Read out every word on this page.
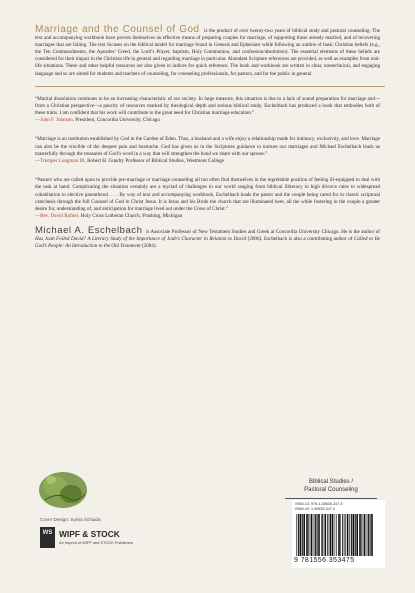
Marriage and the Counsel of God is the product of over twenty-two years of biblical study and pastoral counseling. The text and accompanying workbook have proven themselves an effective means of preparing couples for marriage, of supporting those already married, and of recovering marriages that are failing. The text focuses on the biblical model for marriage found in Genesis and Ephesians while following an outline of basic Christian beliefs (e.g., the Ten Commandments, the Apostles’ Creed, the Lord’s Prayer, baptism, Holy Communion, and confession/absolution). The essential elements of these beliefs are considered for their impact in the Christian life in general and regarding marriage in particular. Abundant Scripture references are provided, as well as examples from real-life situations. These and other helpful resources are also given in indices for quick reference. The book and workbook are written in clear, nontechnical, and engaging language and so are aimed for students and teachers of counseling, for counseling professionals, for pastors, and for the public in general.

“Marital dissolution continues to be an increasing characteristic of our society. In large measure, this situation is due to a lack of sound preparation for marriage and—from a Christian perspective—a paucity of resources marked by theological depth and serious biblical study. Eschelbach has produced a book that embodies both of these traits. I am confident that his work will contribute to the great need for Christian marriage education.”
—John F. Johnson, President, Concordia University, Chicago

“Marriage is an institution established by God in the Garden of Eden. Thus, a husband and a wife enjoy a relationship made for intimacy, exclusivity, and love. Marriage can also be the crucible of the deepest pain and heartache. God has given us in the Scriptures guidance to nurture our marriages and Michael Eschelbach leads us masterfully through the treasures of God’s word in a way that will strengthen the bond we share with our spouse.”
—Tremper Longman III, Robert H. Gundry Professor of Biblical Studies, Westmont College

“Pastors who are called upon to provide pre-marriage or marriage counseling all too often find themselves in the regrettable position of feeling ill-equipped to deal with the task at hand. Complicating the situation certainly are a myriad of challenges in our world ranging from biblical illiteracy to high divorce rates to widespread cohabitation to elective parenthood. . . . By way of text and accompanying workbook, Eschelbach leads the pastor and the couple being cared for in classic scriptural catechesis through the full Counsel of God in Christ Jesus. It is Jesus and his Bride the church that are illuminated here, all the while fostering in the couple a greater desire for, understanding of, and anticipation for marriage lived out under the Cross of Christ.”
—Rev. David Rufner, Holy Cross Lutheran Church, Flushing, Michigan

Michael A. Eschelbach is Associate Professor of New Testament Studies and Greek at Concordia University Chicago. He is the author of Has Joab Foiled David? A Literary Study of the Importance of Joab’s Character in Relation to David (2006). Eschelbach is also a contributing author of Called to Be God’s People: An Introduction to the Old Testament (2004).

Cover Design: Sylvia Schiada
WS WIPF & STOCK
An Imprint of WIPF and STOCK Publishers
Biblical Studies /
Pastoral Counseling
ISBN-13: 978-1-55635-347-5
ISBN-10: 1-55635-347-2
9 781556 353475
